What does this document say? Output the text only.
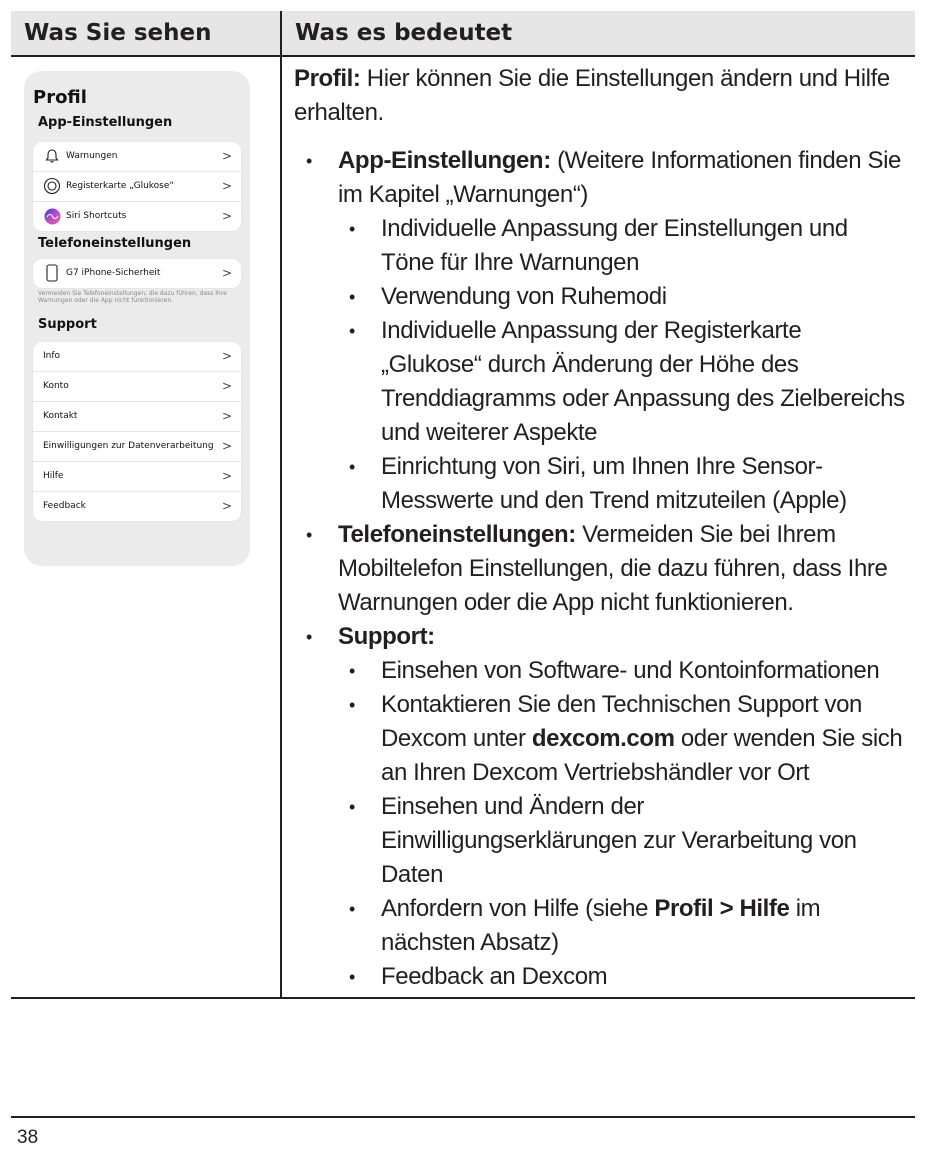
Was Sie sehen	Was es bedeutet
Profil
App-Einstellungen
Warnungen	>
Registerkarte „Glukose“	>
Siri Shortcuts	>
Telefoneinstellungen
G7 iPhone-Sicherheit	>
Vermeiden Sie Telefoneinstellungen, die dazu führen, dass Ihre Warnungen oder die App nicht funktionieren.
Support
Info	>
Konto	>
Kontakt	>
Einwilligungen zur Datenverarbeitung >
Hilfe	>
Feedback	>

Profil: Hier können Sie die Einstellungen ändern und Hilfe erhalten.

• App-Einstellungen: (Weitere Informationen finden Sie im Kapitel „Warnungen“)
• Individuelle Anpassung der Einstellungen und Töne für Ihre Warnungen
• Verwendung von Ruhemodi
• Individuelle Anpassung der Registerkarte „Glukose“ durch Änderung der Höhe des Trenddiagramms oder Anpassung des Zielbereichs und weiterer Aspekte
• Einrichtung von Siri, um Ihnen Ihre Sensor-Messwerte und den Trend mitzuteilen (Apple)
• Telefoneinstellungen: Vermeiden Sie bei Ihrem Mobiltelefon Einstellungen, die dazu führen, dass Ihre Warnungen oder die App nicht funktionieren.
• Support:
• Einsehen von Software- und Kontoinformationen
• Kontaktieren Sie den Technischen Support von Dexcom unter dexcom.com oder wenden Sie sich an Ihren Dexcom Vertriebshändler vor Ort
• Einsehen und Ändern der Einwilligungserklärungen zur Verarbeitung von Daten
• Anfordern von Hilfe (siehe Profil > Hilfe im nächsten Absatz)
• Feedback an Dexcom
38
